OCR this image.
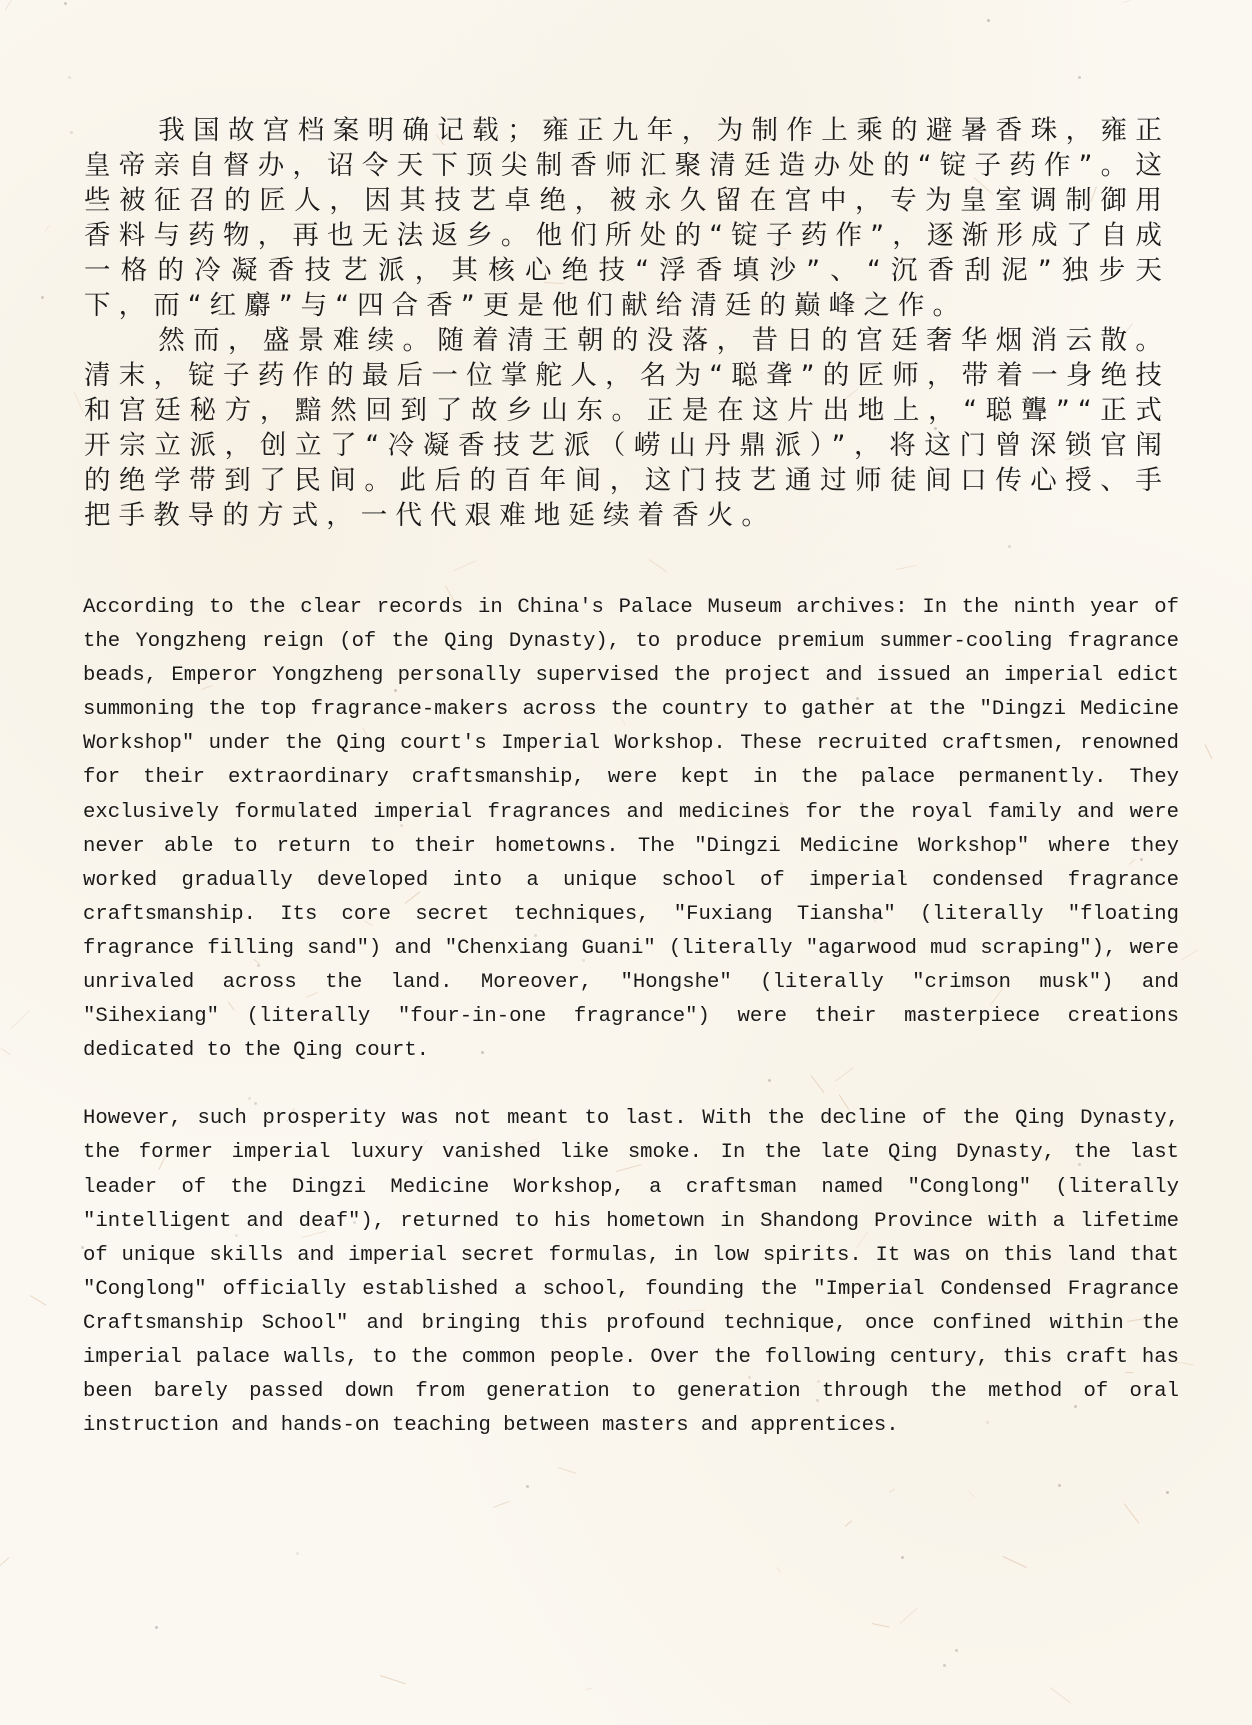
我国故宫档案明确记载；雍正九年，为制作上乘的避暑香珠，雍正皇帝亲自督办，诏令天下顶尖制香师汇聚清廷造办处的“锭子药作”。这些被征召的匠人，因其技艺卓绝，被永久留在宫中，专为皇室调制御用香料与药物，再也无法返乡。他们所处的“锭子药作”，逐渐形成了自成一格的冷凝香技艺派，其核心绝技“浮香填沙”、“沉香刮泥”独步天下，而“红麝”与“四合香”更是他们献给清廷的巅峰之作。

然而，盛景难续。随着清王朝的没落，昔日的宫廷奢华烟消云散。清末，锭子药作的最后一位掌舵人，名为“聪聋”的匠师，带着一身绝技和宫廷秘方，黯然回到了故乡山东。正是在这片出地上，“聪聾”“正式开宗立派，创立了“冷凝香技艺派（崂山丹鼎派）”，将这门曾深锁官闱的绝学带到了民间。此后的百年间，这门技艺通过师徒间口传心授、手把手教导的方式，一代代艰难地延续着香火。

According to the clear records in China's Palace Museum archives: In the ninth year of the Yongzheng reign (of the Qing Dynasty), to produce premium summer-cooling fragrance beads, Emperor Yongzheng personally supervised the project and issued an imperial edict summoning the top fragrance-makers across the country to gather at the "Dingzi Medicine Workshop" under the Qing court's Imperial Workshop. These recruited craftsmen, renowned for their extraordinary craftsmanship, were kept in the palace permanently. They exclusively formulated imperial fragrances and medicines for the royal family and were never able to return to their hometowns. The "Dingzi Medicine Workshop" where they worked gradually developed into a unique school of imperial condensed fragrance craftsmanship. Its core secret techniques, "Fuxiang Tiansha" (literally "floating fragrance filling sand") and "Chenxiang Guani" (literally "agarwood mud scraping"), were unrivaled across the land. Moreover, "Hongshe" (literally "crimson musk") and "Sihexiang" (literally "four-in-one fragrance") were their masterpiece creations dedicated to the Qing court.

However, such prosperity was not meant to last. With the decline of the Qing Dynasty, the former imperial luxury vanished like smoke. In the late Qing Dynasty, the last leader of the Dingzi Medicine Workshop, a craftsman named "Conglong" (literally "intelligent and deaf"), returned to his hometown in Shandong Province with a lifetime of unique skills and imperial secret formulas, in low spirits. It was on this land that "Conglong" officially established a school, founding the "Imperial Condensed Fragrance Craftsmanship School" and bringing this profound technique, once confined within the imperial palace walls, to the common people. Over the following century, this craft has been barely passed down from generation to generation through the method of oral instruction and hands-on teaching between masters and apprentices.
